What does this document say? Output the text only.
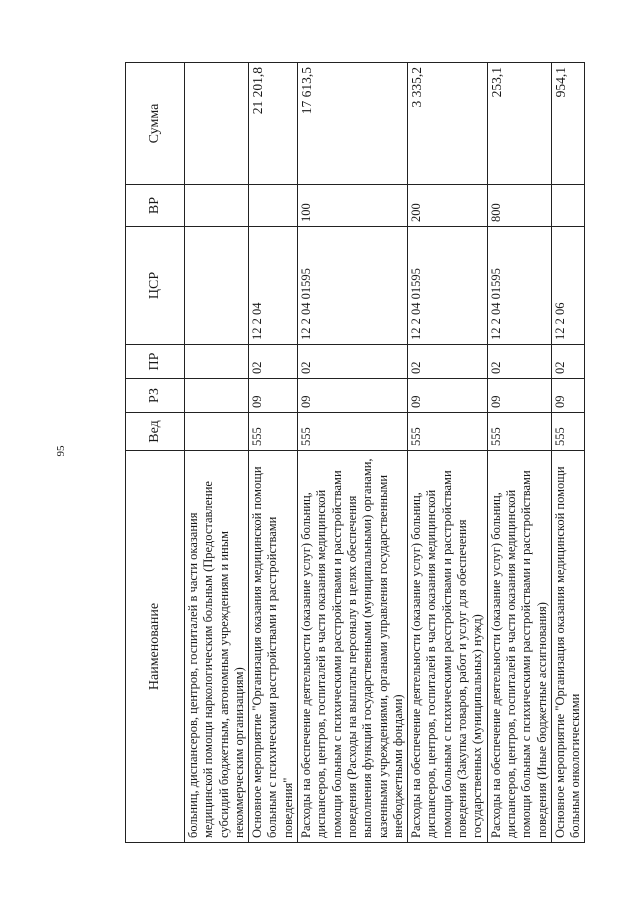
95
Наименование	Вед	РЗ	ПР	ЦСР	ВР	Сумма
больниц, диспансеров, центров, госпиталей в части оказания медицинской помощи наркологическим больным (Предоставление субсидий бюджетным, автономным учреждениям и иным некоммерческим организациям)						
Основное мероприятие "Организация оказания медицинской помощи больным с психическими расстройствами и расстройствами поведения"	555	09	02	12 2 04		21 201,8
Расходы на обеспечение деятельности (оказание услуг) больниц, диспансеров, центров, госпиталей в части оказания медицинской помощи больным с психическими расстройствами и расстройствами поведения (Расходы на выплаты персоналу в целях обеспечения выполнения функций государственными (муниципальными) органами, казенными учреждениями, органами управления государственными внебюджетными фондами)	555	09	02	12 2 04 01595	100	17 613,5
Расходы на обеспечение деятельности (оказание услуг) больниц, диспансеров, центров, госпиталей в части оказания медицинской помощи больным с психическими расстройствами и расстройствами поведения (Закупка товаров, работ и услуг для обеспечения государственных (муниципальных) нужд)	555	09	02	12 2 04 01595	200	3 335,2
Расходы на обеспечение деятельности (оказание услуг) больниц, диспансеров, центров, госпиталей в части оказания медицинской помощи больным с психическими расстройствами и расстройствами поведения (Иные бюджетные ассигнования)	555	09	02	12 2 04 01595	800	253,1
Основное мероприятие "Организация оказания медицинской помощи больным онкологическими	555	09	02	12 2 06		954,1
